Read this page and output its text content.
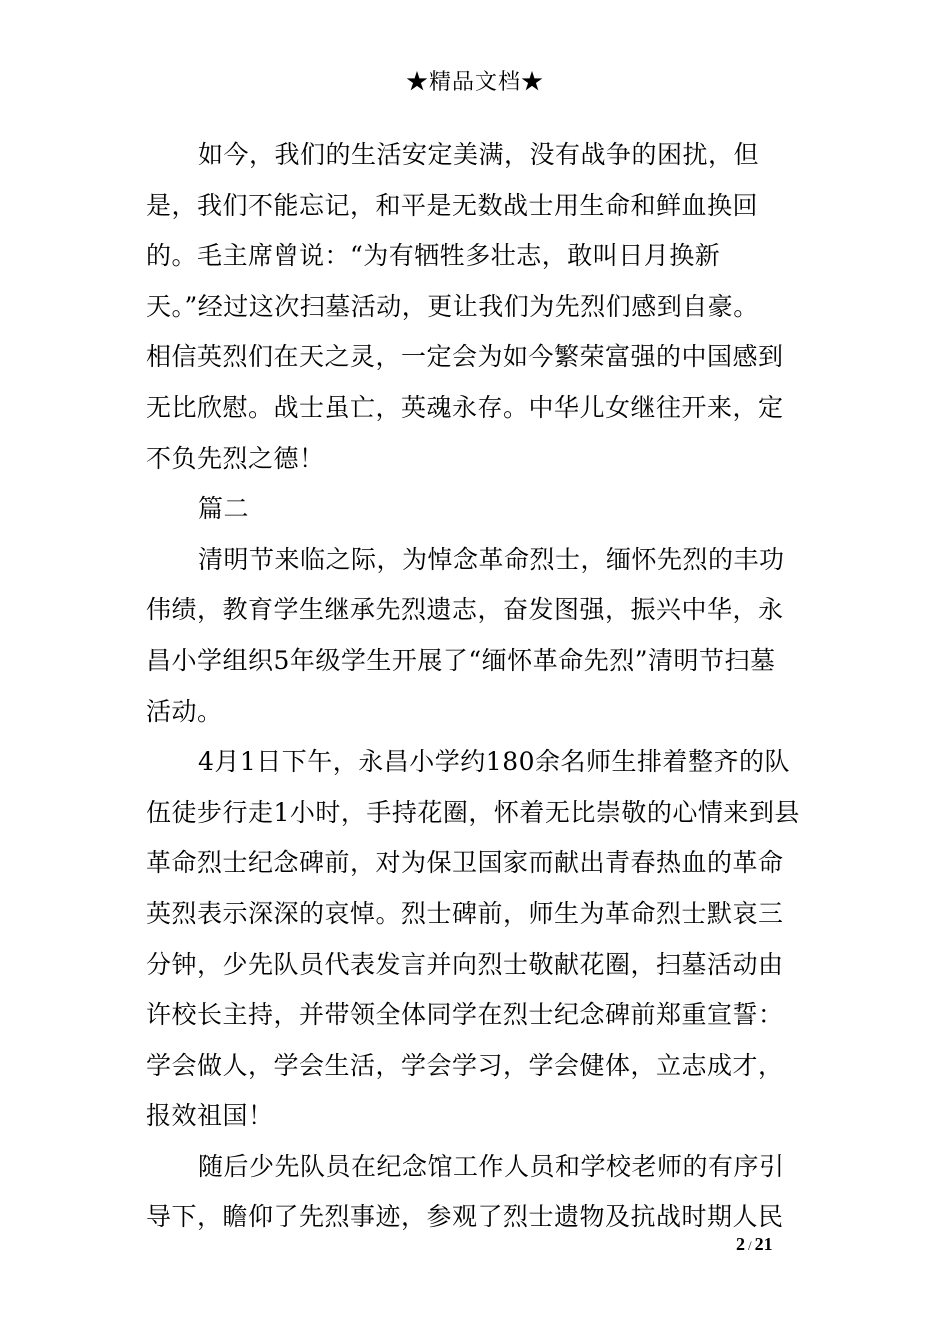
★精品文档★
如今，我们的生活安定美满，没有战争的困扰，但
是，我们不能忘记，和平是无数战士用生命和鲜血换回
的。毛主席曾说：“为有牺牲多壮志，敢叫日月换新
天。”经过这次扫墓活动，更让我们为先烈们感到自豪。
相信英烈们在天之灵，一定会为如今繁荣富强的中国感到
无比欣慰。战士虽亡，英魂永存。中华儿女继往开来，定
不负先烈之德！
篇二
清明节来临之际，为悼念革命烈士，缅怀先烈的丰功
伟绩，教育学生继承先烈遗志，奋发图强，振兴中华，永
昌小学组织5年级学生开展了“缅怀革命先烈”清明节扫墓
活动。
4月1日下午，永昌小学约180余名师生排着整齐的队
伍徒步行走1小时，手持花圈，怀着无比崇敬的心情来到县
革命烈士纪念碑前，对为保卫国家而献出青春热血的革命
英烈表示深深的哀悼。烈士碑前，师生为革命烈士默哀三
分钟，少先队员代表发言并向烈士敬献花圈，扫墓活动由
许校长主持，并带领全体同学在烈士纪念碑前郑重宣誓：
学会做人，学会生活，学会学习，学会健体，立志成才，
报效祖国！
随后少先队员在纪念馆工作人员和学校老师的有序引
导下，瞻仰了先烈事迹，参观了烈士遗物及抗战时期人民
2 / 21
